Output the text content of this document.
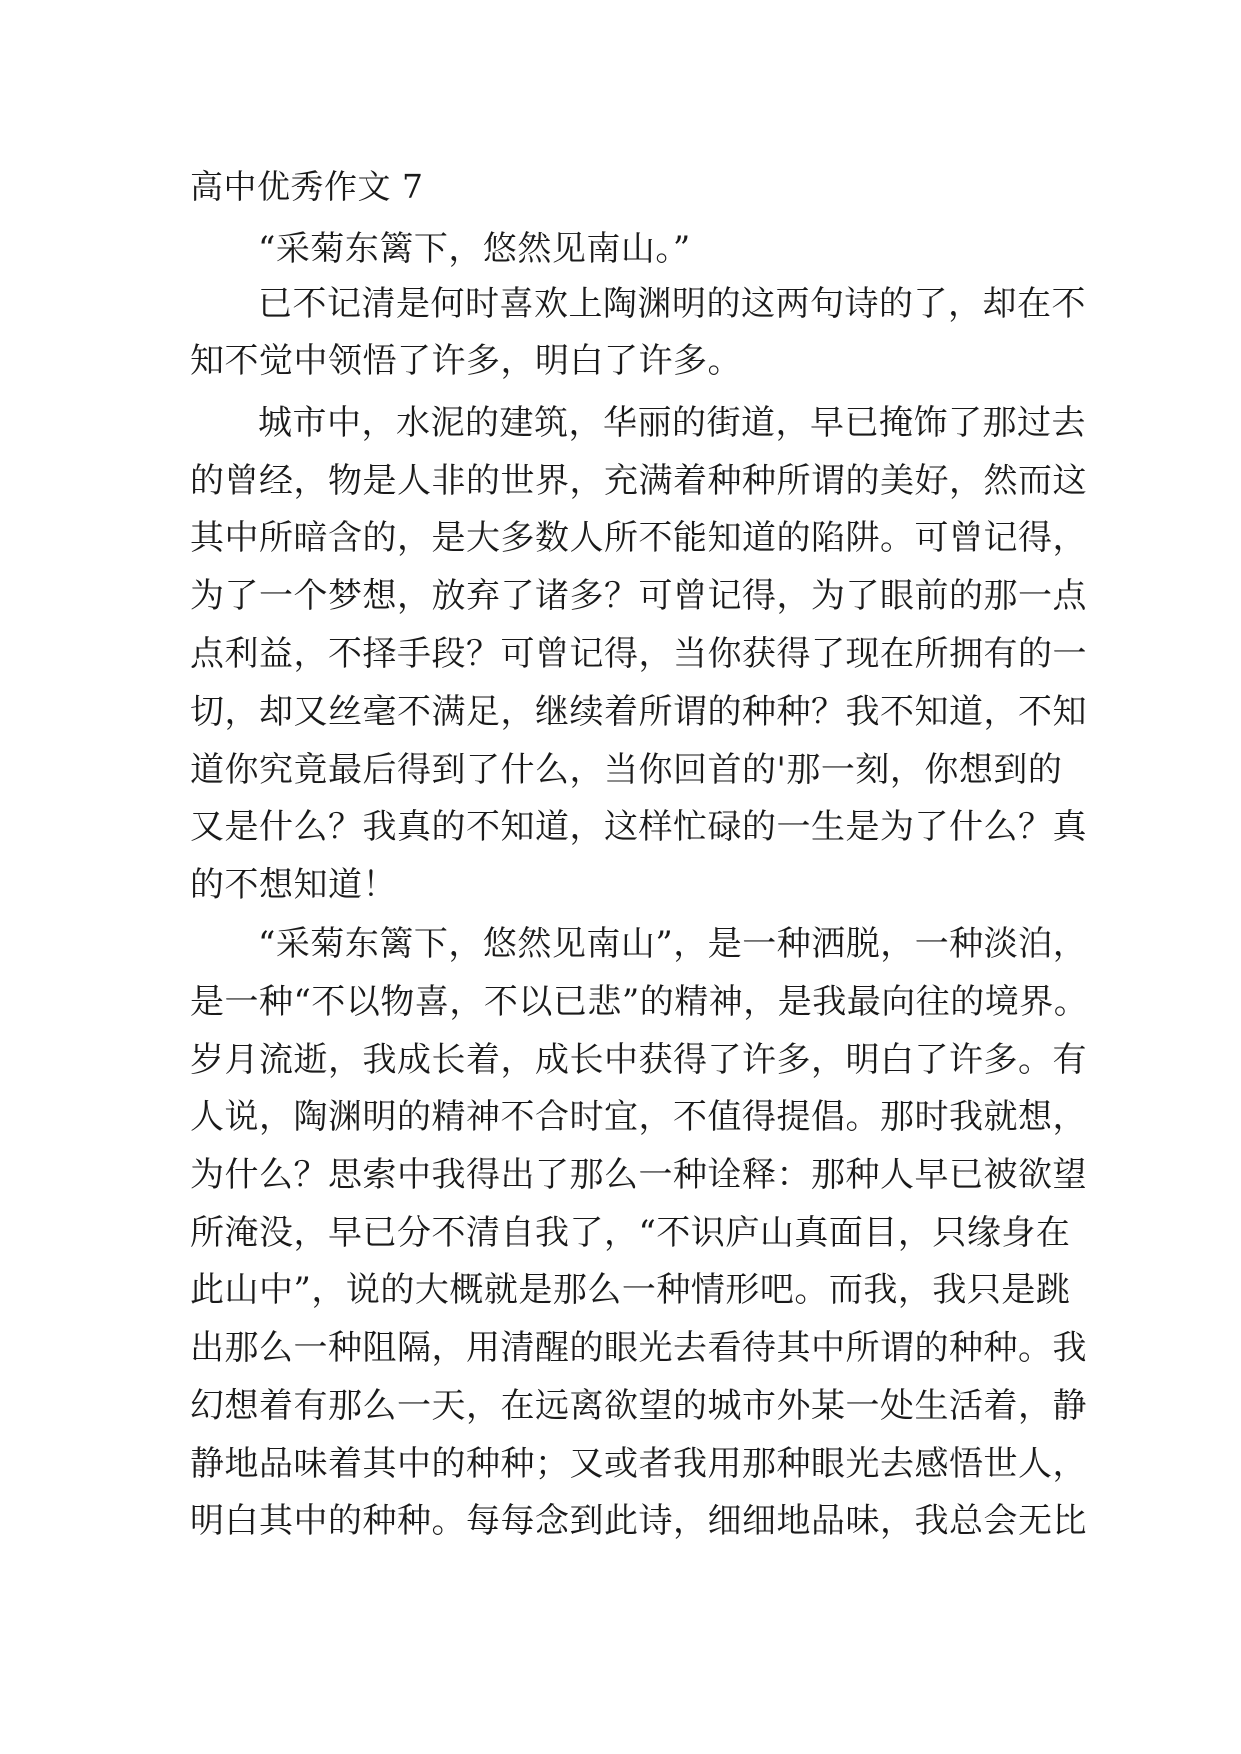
高中优秀作文 7
“采菊东篱下，悠然见南山。”
已不记清是何时喜欢上陶渊明的这两句诗的了，却在不
知不觉中领悟了许多，明白了许多。
城市中，水泥的建筑，华丽的街道，早已掩饰了那过去
的曾经，物是人非的世界，充满着种种所谓的美好，然而这
其中所暗含的，是大多数人所不能知道的陷阱。可曾记得，
为了一个梦想，放弃了诸多？可曾记得，为了眼前的那一点
点利益，不择手段？可曾记得，当你获得了现在所拥有的一
切，却又丝毫不满足，继续着所谓的种种？我不知道，不知
道你究竟最后得到了什么，当你回首的'那一刻，你想到的
又是什么？我真的不知道，这样忙碌的一生是为了什么？真
的不想知道！
“采菊东篱下，悠然见南山”，是一种洒脱，一种淡泊，
是一种“不以物喜，不以已悲”的精神，是我最向往的境界。
岁月流逝，我成长着，成长中获得了许多，明白了许多。有
人说，陶渊明的精神不合时宜，不值得提倡。那时我就想，
为什么？思索中我得出了那么一种诠释：那种人早已被欲望
所淹没，早已分不清自我了，“不识庐山真面目，只缘身在
此山中”，说的大概就是那么一种情形吧。而我，我只是跳
出那么一种阻隔，用清醒的眼光去看待其中所谓的种种。我
幻想着有那么一天，在远离欲望的城市外某一处生活着，静
静地品味着其中的种种；又或者我用那种眼光去感悟世人，
明白其中的种种。每每念到此诗，细细地品味，我总会无比
